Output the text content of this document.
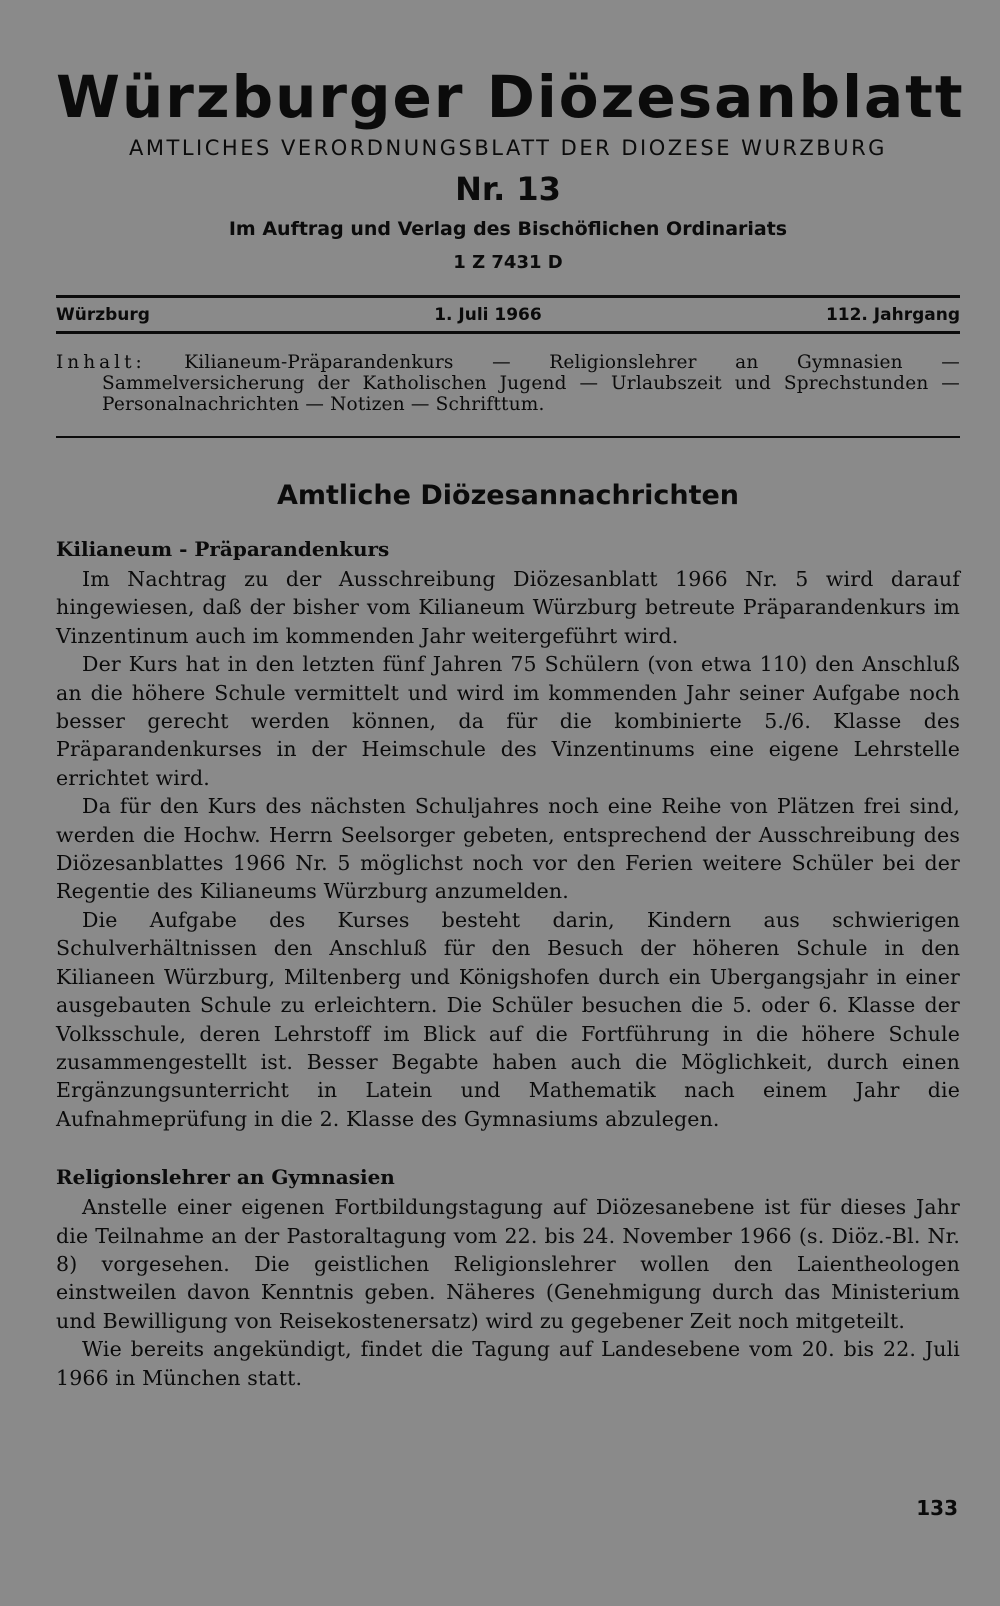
Würzburger Diözesanblatt
AMTLICHES VERORDNUNGSBLATT DER DIOZESE WURZBURG
Nr. 13
Im Auftrag und Verlag des Bischöflichen Ordinariats
1 Z 7431 D
Würzburg	1. Juli 1966	112. Jahrgang
Inhalt: Kilianeum-Präparandenkurs — Religionslehrer an Gymnasien — Sammelversicherung der Katholischen Jugend — Urlaubszeit und Sprechstunden — Personalnachrichten — Notizen — Schrifttum.
Amtliche Diözesannachrichten
Kilianeum - Präparandenkurs

Im Nachtrag zu der Ausschreibung Diözesanblatt 1966 Nr. 5 wird darauf hingewiesen, daß der bisher vom Kilianeum Würzburg betreute Präparandenkurs im Vinzentinum auch im kommenden Jahr weitergeführt wird.

Der Kurs hat in den letzten fünf Jahren 75 Schülern (von etwa 110) den Anschluß an die höhere Schule vermittelt und wird im kommenden Jahr seiner Aufgabe noch besser gerecht werden können, da für die kombinierte 5./6. Klasse des Präparandenkurses in der Heimschule des Vinzentinums eine eigene Lehrstelle errichtet wird.

Da für den Kurs des nächsten Schuljahres noch eine Reihe von Plätzen frei sind, werden die Hochw. Herrn Seelsorger gebeten, entsprechend der Ausschreibung des Diözesanblattes 1966 Nr. 5 möglichst noch vor den Ferien weitere Schüler bei der Regentie des Kilianeums Würzburg anzumelden.

Die Aufgabe des Kurses besteht darin, Kindern aus schwierigen Schulverhältnissen den Anschluß für den Besuch der höheren Schule in den Kilianeen Würzburg, Miltenberg und Königshofen durch ein Ubergangsjahr in einer ausgebauten Schule zu erleichtern. Die Schüler besuchen die 5. oder 6. Klasse der Volksschule, deren Lehrstoff im Blick auf die Fortführung in die höhere Schule zusammengestellt ist. Besser Begabte haben auch die Möglichkeit, durch einen Ergänzungsunterricht in Latein und Mathematik nach einem Jahr die Aufnahmeprüfung in die 2. Klasse des Gymnasiums abzulegen.

Religionslehrer an Gymnasien

Anstelle einer eigenen Fortbildungstagung auf Diözesanebene ist für dieses Jahr die Teilnahme an der Pastoraltagung vom 22. bis 24. November 1966 (s. Diöz.-Bl. Nr. 8) vorgesehen. Die geistlichen Religionslehrer wollen den Laientheologen einstweilen davon Kenntnis geben. Näheres (Genehmigung durch das Ministerium und Bewilligung von Reisekostenersatz) wird zu gegebener Zeit noch mitgeteilt.

Wie bereits angekündigt, findet die Tagung auf Landesebene vom 20. bis 22. Juli 1966 in München statt.

133
